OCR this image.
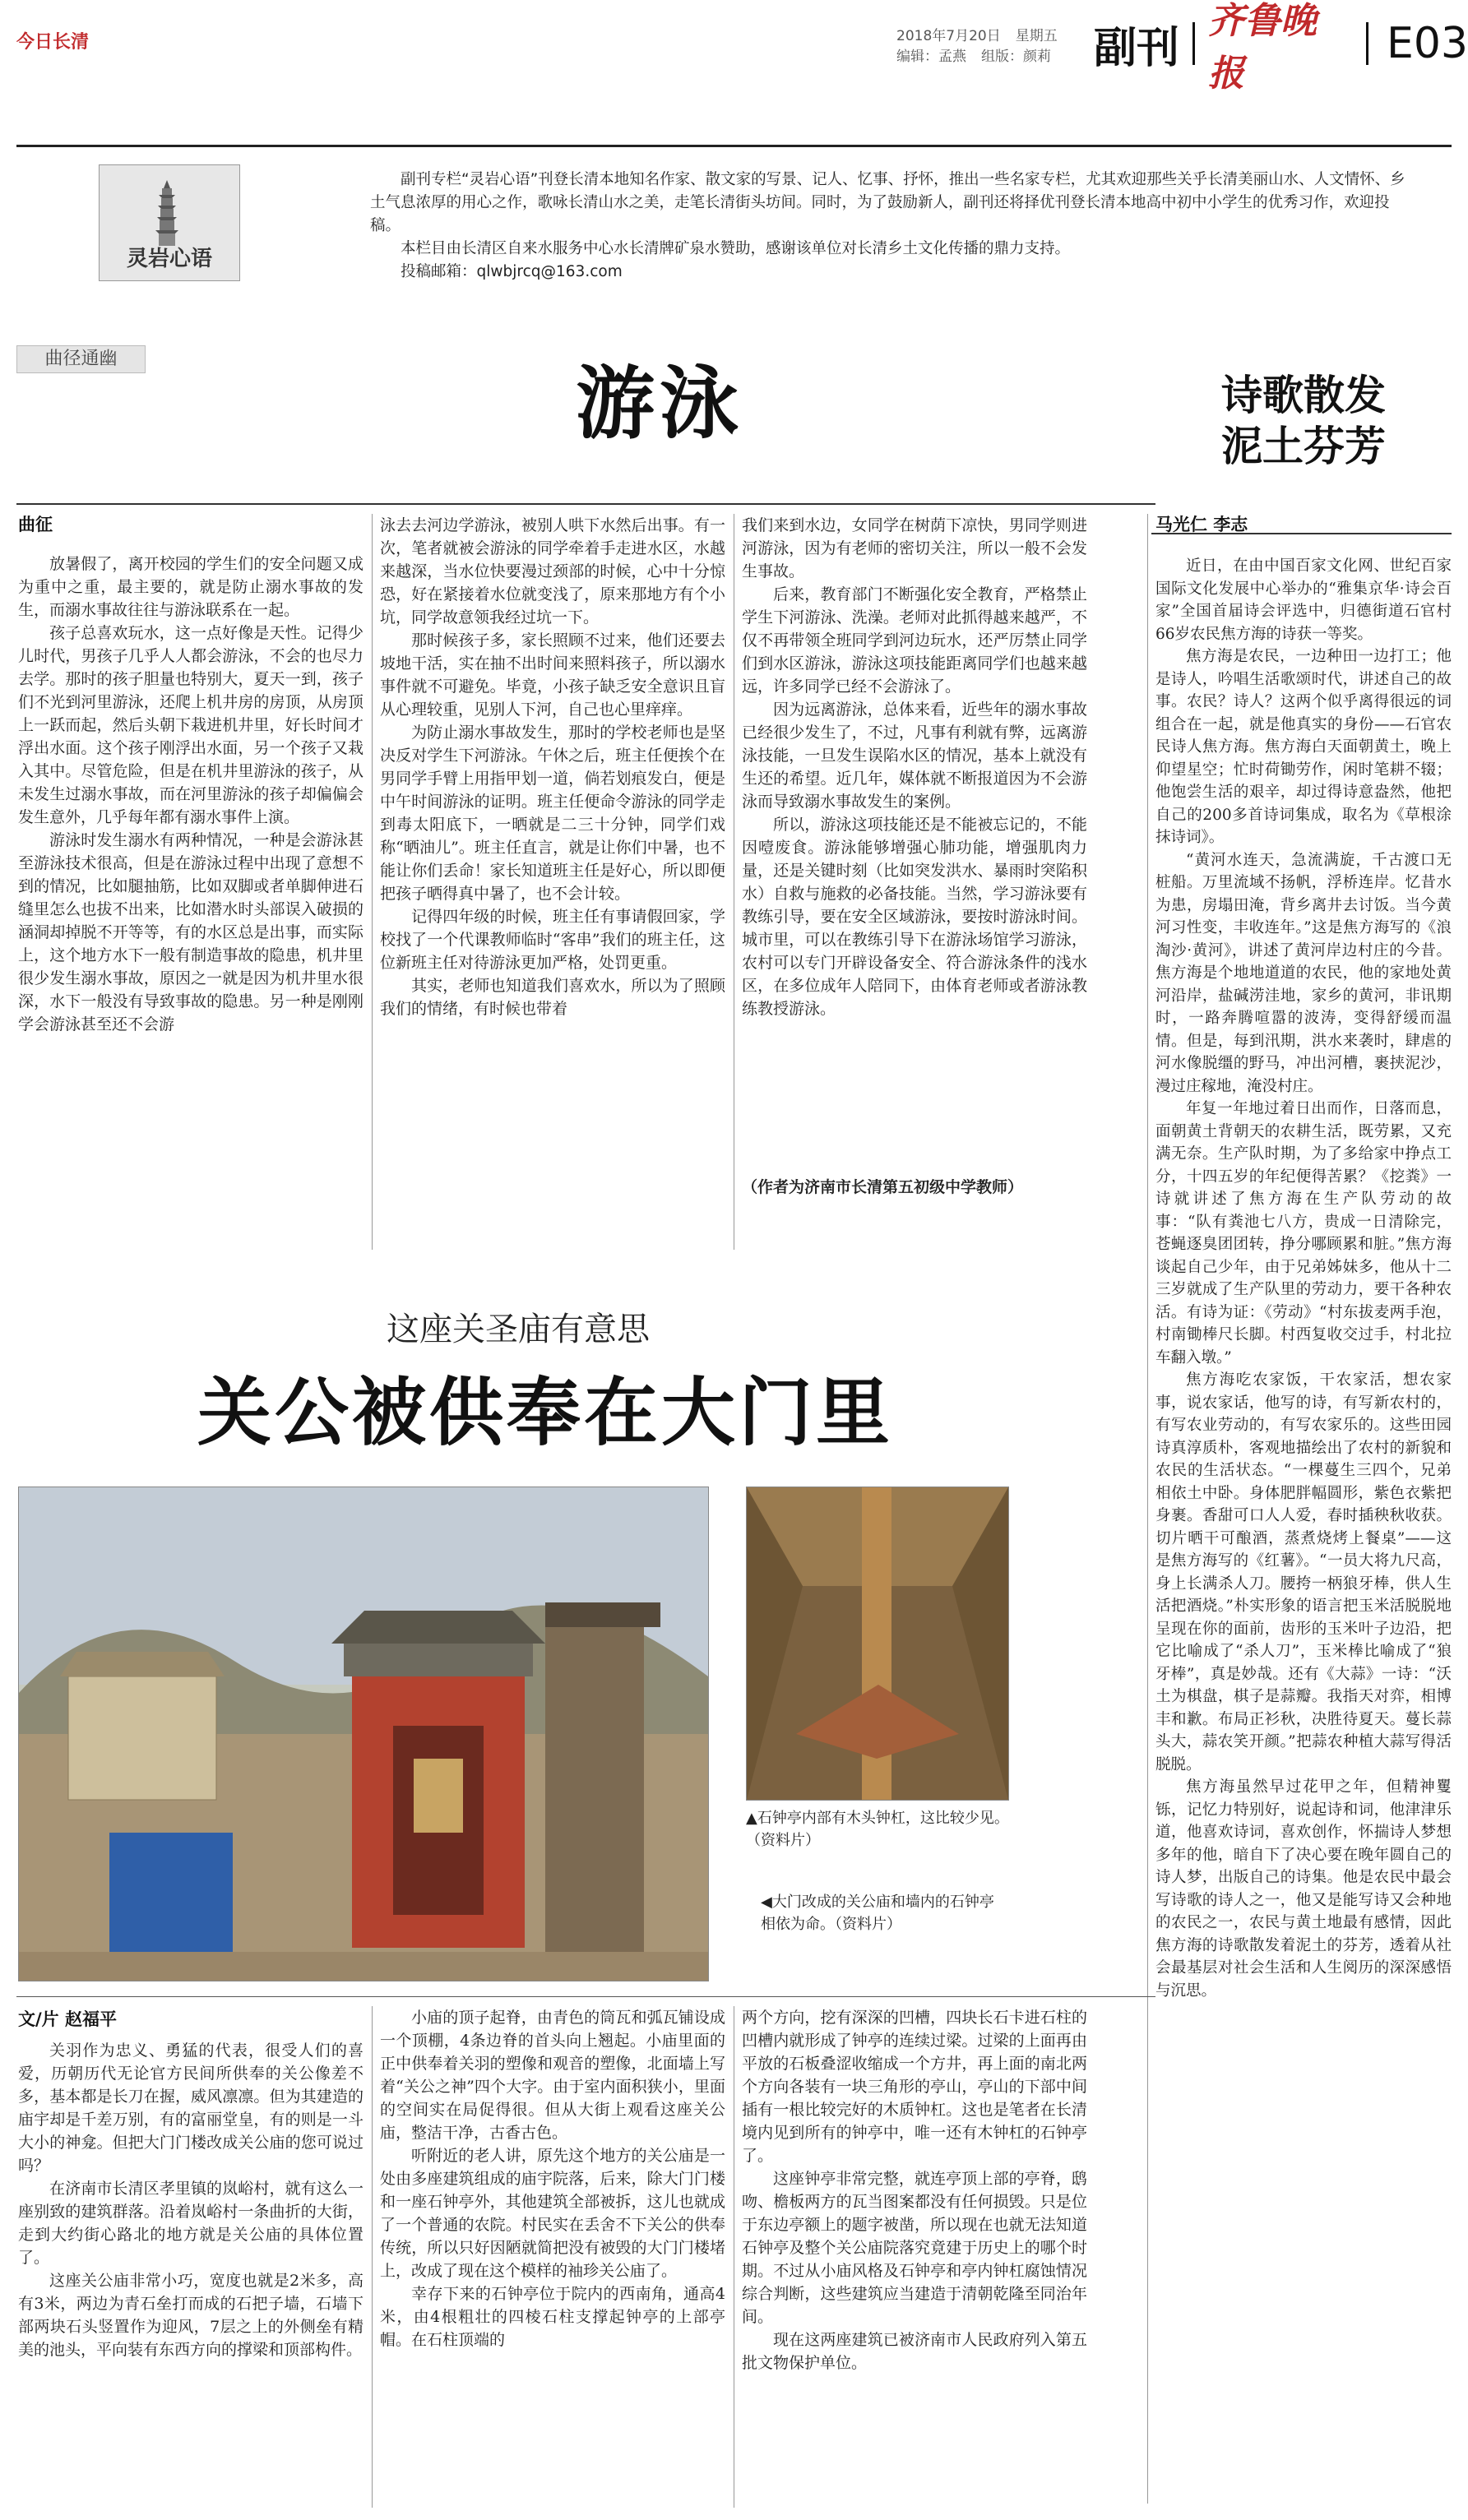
今日长清	2018年7月20日 星期五
编辑：孟燕 组版：颜莉	副刊
齐鲁晚报
E03
灵岩心语

副刊专栏“灵岩心语”刊登长清本地知名作家、散文家的写景、记人、忆事、抒怀，推出一些名家专栏，尤其欢迎那些关乎长清美丽山水、人文情怀、乡土气息浓厚的用心之作，歌咏长清山水之美，走笔长清街头坊间。同时，为了鼓励新人，副刊还将择优刊登长清本地高中初中小学生的优秀习作，欢迎投稿。

本栏目由长清区自来水服务中心水长清牌矿泉水赞助，感谢该单位对长清乡土文化传播的鼎力支持。

投稿邮箱：qlwbjrcq@163.com

曲径通幽	游泳
曲征

放暑假了，离开校园的学生们的安全问题又成为重中之重，最主要的，就是防止溺水事故的发生，而溺水事故往往与游泳联系在一起。

孩子总喜欢玩水，这一点好像是天性。记得少儿时代，男孩子几乎人人都会游泳，不会的也尽力去学。那时的孩子胆量也特别大，夏天一到，孩子们不光到河里游泳，还爬上机井房的房顶，从房顶上一跃而起，然后头朝下栽进机井里，好长时间才浮出水面。这个孩子刚浮出水面，另一个孩子又栽入其中。尽管危险，但是在机井里游泳的孩子，从未发生过溺水事故，而在河里游泳的孩子却偏偏会发生意外，几乎每年都有溺水事件上演。

游泳时发生溺水有两种情况，一种是会游泳甚至游泳技术很高，但是在游泳过程中出现了意想不到的情况，比如腿抽筋，比如双脚或者单脚伸进石缝里怎么也拔不出来，比如潜水时头部误入破损的涵洞却掉脱不开等等，有的水区总是出事，而实际上，这个地方水下一般有制造事故的隐患，机井里很少发生溺水事故，原因之一就是因为机井里水很深，水下一般没有导致事故的隐患。另一种是刚刚学会游泳甚至还不会游

泳去去河边学游泳，被别人哄下水然后出事。有一次，笔者就被会游泳的同学牵着手走进水区，水越来越深，当水位快要漫过颈部的时候，心中十分惊恐，好在紧接着水位就变浅了，原来那地方有个小坑，同学故意领我经过坑一下。

那时候孩子多，家长照顾不过来，他们还要去坡地干活，实在抽不出时间来照料孩子，所以溺水事件就不可避免。毕竟，小孩子缺乏安全意识且盲从心理较重，见别人下河，自己也心里痒痒。

为防止溺水事故发生，那时的学校老师也是坚决反对学生下河游泳。午休之后，班主任便挨个在男同学手臂上用指甲划一道，倘若划痕发白，便是中午时间游泳的证明。班主任便命令游泳的同学走到毒太阳底下，一晒就是二三十分钟，同学们戏称“晒油儿”。班主任直言，就是让你们中暑，也不能让你们丢命！家长知道班主任是好心，所以即便把孩子晒得真中暑了，也不会计较。

记得四年级的时候，班主任有事请假回家，学校找了一个代课教师临时“客串”我们的班主任，这位新班主任对待游泳更加严格，处罚更重。

其实，老师也知道我们喜欢水，所以为了照顾我们的情绪，有时候也带着

我们来到水边，女同学在树荫下凉快，男同学则进河游泳，因为有老师的密切关注，所以一般不会发生事故。

后来，教育部门不断强化安全教育，严格禁止学生下河游泳、洗澡。老师对此抓得越来越严，不仅不再带领全班同学到河边玩水，还严厉禁止同学们到水区游泳，游泳这项技能距离同学们也越来越远，许多同学已经不会游泳了。

因为远离游泳，总体来看，近些年的溺水事故已经很少发生了，不过，凡事有利就有弊，远离游泳技能，一旦发生误陷水区的情况，基本上就没有生还的希望。近几年，媒体就不断报道因为不会游泳而导致溺水事故发生的案例。

所以，游泳这项技能还是不能被忘记的，不能因噎废食。游泳能够增强心肺功能，增强肌肉力量，还是关键时刻（比如突发洪水、暴雨时突陷积水）自救与施救的必备技能。当然，学习游泳要有教练引导，要在安全区域游泳，要按时游泳时间。城市里，可以在教练引导下在游泳场馆学习游泳，农村可以专门开辟设备安全、符合游泳条件的浅水区，在多位成年人陪同下，由体育老师或者游泳教练教授游泳。

（作者为济南市长清第五初级中学教师）
诗歌散发
泥土芬芳
马光仁 李志

近日，在由中国百家文化网、世纪百家国际文化发展中心举办的“雅集京华·诗会百家”全国首届诗会评选中，归德街道石官村66岁农民焦方海的诗获一等奖。

焦方海是农民，一边种田一边打工；他是诗人，吟唱生活歌颂时代，讲述自己的故事。农民？诗人？这两个似乎离得很远的词组合在一起，就是他真实的身份——石官农民诗人焦方海。焦方海白天面朝黄土，晚上仰望星空；忙时荷锄劳作，闲时笔耕不辍；他饱尝生活的艰辛，却过得诗意盎然，他把自己的200多首诗词集成，取名为《草根涂抹诗词》。

“黄河水连天，急流满旋，千古渡口无桩船。万里流域不扬帆，浮桥连岸。忆昔水为患，房塌田淹，背乡离井去讨饭。当今黄河习性变，丰收连年。”这是焦方海写的《浪淘沙·黄河》，讲述了黄河岸边村庄的今昔。焦方海是个地地道道的农民，他的家地处黄河沿岸，盐碱涝洼地，家乡的黄河，非讯期时，一路奔腾喧嚣的波涛，变得舒缓而温情。但是，每到汛期，洪水来袭时，肆虐的河水像脱缰的野马，冲出河槽，裹挟泥沙，漫过庄稼地，淹没村庄。

年复一年地过着日出而作，日落而息，面朝黄土背朝天的农耕生活，既劳累，又充满无奈。生产队时期，为了多给家中挣点工分，十四五岁的年纪便得苦累？《挖粪》一诗就讲述了焦方海在生产队劳动的故事：“队有粪池七八方，贵成一日清除完，苍蝇逐臭团团转，挣分哪顾累和脏。”焦方海谈起自己少年，由于兄弟姊妹多，他从十二三岁就成了生产队里的劳动力，要干各种农活。有诗为证：《劳动》“村东拔麦两手泡，村南锄棒尺长脚。村西复收交过手，村北拉车翻入墩。”

焦方海吃农家饭，干农家活，想农家事，说农家话，他写的诗，有写新农村的，有写农业劳动的，有写农家乐的。这些田园诗真淳质朴，客观地描绘出了农村的新貌和农民的生活状态。“一棵蔓生三四个，兄弟相依土中卧。身体肥胖幅圆形，紫色衣紫把身裹。香甜可口人人爱，春时插秧秋收获。切片晒干可酿酒，蒸煮烧烤上餐桌”——这是焦方海写的《红薯》。“一员大将九尺高，身上长满杀人刀。腰挎一柄狼牙棒，供人生活把酒烧。”朴实形象的语言把玉米活脱脱地呈现在你的面前，齿形的玉米叶子边沿，把它比喻成了“杀人刀”，玉米棒比喻成了“狼牙棒”，真是妙哉。还有《大蒜》一诗：“沃土为棋盘，棋子是蒜瓣。我指天对弈，相博丰和歉。布局正衫秋，决胜待夏天。蔓长蒜头大，蒜农笑开颜。”把蒜农种植大蒜写得活脱脱。

焦方海虽然早过花甲之年，但精神矍铄，记忆力特别好，说起诗和词，他津津乐道，他喜欢诗词，喜欢创作，怀揣诗人梦想多年的他，暗自下了决心要在晚年圆自己的诗人梦，出版自己的诗集。他是农民中最会写诗歌的诗人之一，他又是能写诗又会种地的农民之一，农民与黄土地最有感情，因此焦方海的诗歌散发着泥土的芬芳，透着从社会最基层对社会生活和人生阅历的深深感悟与沉思。

这座关圣庙有意思
关公被供奉在大门里
▲石钟亭内部有木头钟杠，这比较少见。（资料片）
◀大门改成的关公庙和墙内的石钟亭相依为命。（资料片）
文/片 赵福平

关羽作为忠义、勇猛的代表，很受人们的喜爱，历朝历代无论官方民间所供奉的关公像差不多，基本都是长刀在握，威风凛凛。但为其建造的庙宇却是千差万别，有的富丽堂皇，有的则是一斗大小的神龛。但把大门门楼改成关公庙的您可说过吗？

在济南市长清区孝里镇的岚峪村，就有这么一座别致的建筑群落。沿着岚峪村一条曲折的大街，走到大约街心路北的地方就是关公庙的具体位置了。

这座关公庙非常小巧，宽度也就是2米多，高有3米，两边为青石垒打而成的石把子墙，石墙下部两块石头竖置作为迎风，7层之上的外侧垒有精美的池头，平向装有东西方向的撑梁和顶部构件。

小庙的顶子起脊，由青色的筒瓦和弧瓦铺设成一个顶棚，4条边脊的首头向上翘起。小庙里面的正中供奉着关羽的塑像和观音的塑像，北面墙上写着“关公之神”四个大字。由于室内面积狭小，里面的空间实在局促得很。但从大街上观看这座关公庙，整洁干净，古香古色。

听附近的老人讲，原先这个地方的关公庙是一处由多座建筑组成的庙宇院落，后来，除大门门楼和一座石钟亭外，其他建筑全部被拆，这儿也就成了一个普通的农院。村民实在丢舍不下关公的供奉传统，所以只好因陋就简把没有被毁的大门门楼堵上，改成了现在这个模样的袖珍关公庙了。

幸存下来的石钟亭位于院内的西南角，通高4米，由4根粗壮的四棱石柱支撑起钟亭的上部亭帽。在石柱顶端的

两个方向，挖有深深的凹槽，四块长石卡进石柱的凹槽内就形成了钟亭的连续过梁。过梁的上面再由平放的石板叠涩收缩成一个方井，再上面的南北两个方向各装有一块三角形的亭山，亭山的下部中间插有一根比较完好的木质钟杠。这也是笔者在长清境内见到所有的钟亭中，唯一还有木钟杠的石钟亭了。

这座钟亭非常完整，就连亭顶上部的亭脊，鸱吻、檐板两方的瓦当图案都没有任何损毁。只是位于东边亭额上的题字被凿，所以现在也就无法知道石钟亭及整个关公庙院落究竟建于历史上的哪个时期。不过从小庙风格及石钟亭和亭内钟杠腐蚀情况综合判断，这些建筑应当建造于清朝乾隆至同治年间。

现在这两座建筑已被济南市人民政府列入第五批文物保护单位。
